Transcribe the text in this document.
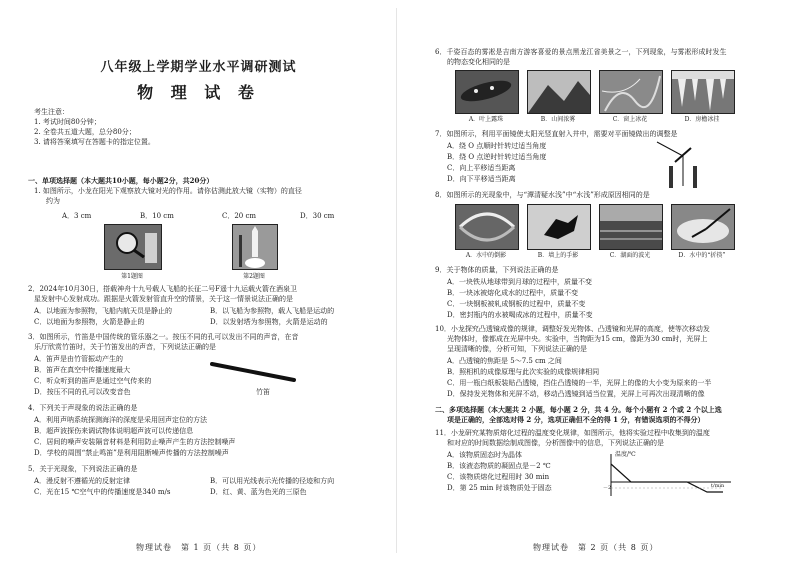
八年级上学期学业水平调研测试
物 理 试 卷
考生注意：
1. 考试时间80分钟；
2. 全卷共五道大题，总分80分；
3. 请将答案填写在答题卡的指定位置。
一、单项选择题（本大题共10小题，每小题2分，共20分）
1. 如图所示，小龙在阳光下观察放大镜对光的作用。请你估测此放大镜（实物）的直径
约为
A．3 cm	B．10 cm	C．20 cm	D．30 cm
第1题图	第2题图
2．2024年10月30日，搭载神舟十九号载人飞船的长征二号F遥十九运载火箭在酒泉卫
星发射中心发射成功。跟据是火箭发射管直升空的情景，关于这一情景说法正确的是
A．以地面为参照物，飞船内航天员是静止的	B．以飞船为参照物，载人飞船是运动的
C．以地面为参照物，火箭是静止的	D．以发射塔为参照物，火箭是运动的
3．如图所示，竹笛是中国传统的管乐器之一。按压不同的孔可以发出不同的声音，在音
乐厅欣赏竹笛时，关于竹笛发出的声音，下列说法正确的是
A．笛声是由竹管振动产生的
B．笛声在真空中传播速度最大
C．听众听到的笛声是通过空气传来的
D．按压不同的孔可以改变音色	竹笛
4．下列关于声现象的说法正确的是
A．利用声呐系统探测海洋的深度是采用回声定位的方法
B．超声波探伤来调试物体说明超声波可以传递信息
C．居间的噪声安装隔音材料是利用防止噪声产生的方法控制噪声
D．学校的周围“禁止鸣笛”是利用阻断噪声传播的方法控制噪声
5．关于光现象，下列说法正确的是
A．漫反射不遵循光的反射定律	B．可以用光线表示光传播的径迹和方向
C．光在15 ℃空气中的传播速度是340 m/s	D．红、黄、蓝为色光的三原色
物理试卷　第 1 页（共 8 页）
6．千姿百态的雾凇是吉南方游客喜爱的景点黑龙江省美景之一，下列现象，与雾凇形成时发生
的物态变化相同的是
A．叶上露珠	B．山间浓雾	C．窗上冰花	D．房檐冰挂
7．如图所示，利用平面镜使太阳光竖直射入井中，需要对平面镜做出的调整是
A．绕 O 点顺时针转过适当角度
B．绕 O 点逆时针转过适当角度
C．向上平移适当距离
D．向下平移适当距离
8．如图所示的光现象中，与“潭清疑水浅”中“水浅”形成原因相同的是
A．水中的倒影	B．墙上的手影	C．湖面的波光	D．水中的“折筷”
9．关于物体的质量，下列说法正确的是
A．一块铁从地球带到月球的过程中，质量不变
B．一块冰被熔化成水的过程中，质量不变
C．一块钢板被轧成钢板的过程中，质量不变
D．密封瓶内的水被喝成冰的过程中，质量不变
10．小龙探究凸透镜成像的规律，调整好发光物体、凸透镜和光屏的高度，使等次移动发
光物体时，像都成在光屏中央。实验中，当物距为15 cm，像距为30 cm时，光屏上
呈现清晰的像，分析可知，下列说法正确的是
A．凸透镜的焦距是 5～7.5 cm 之间
B．照相机的成像原理与此次实验的成像规律相同
C．用一瓶白纸板装贴凸透镜，挡住凸透镜的一半，光屏上的像的大小变为原来的一半
D．保持发光物体和光屏不动，移动凸透镜到适当位置，光屏上可再次出现清晰的像
二、多项选择题（本大题共 2 小题，每小题 2 分，共 4 分。每个小题有 2 个或 2 个以上选
项是正确的，全部选对得 2 分，选项正确但不全的得 1 分，有错误选项的不得分）
11．小龙研究某物质熔化过程的温度变化规律，如图所示，他将实验过程中收集到的温度
和对应的时间数据绘制成图像，分析图像中的信息，下列说法正确的是
A．该物质固态时为晶体
B．该液态物质的凝固点是－2 ℃
C．该物质熔化过程用时 30 min
D．第 25 min 时该物质处于固态
温度/℃
t/min
－2
物理试卷　第 2 页（共 8 页）
